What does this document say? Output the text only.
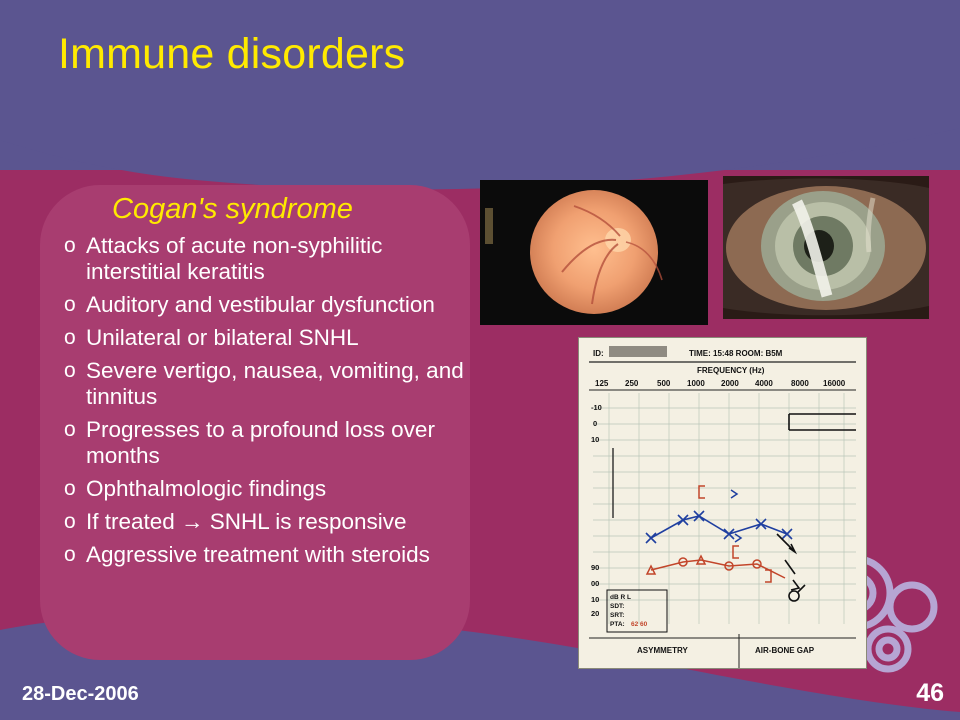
Immune disorders
Cogan's syndrome
o Attacks of acute non-syphilitic interstitial keratitis
o Auditory and vestibular dysfunction
o Unilateral or bilateral SNHL
o Severe vertigo, nausea, vomiting, and tinnitus
o Progresses to a profound loss over months
o Ophthalmologic findings
o If treated → SNHL is responsive
o Aggressive treatment with steroids
ID:	TIME: 15:48 ROOM: B5M
FREQUENCY (Hz)
125 250 500 1000 2000 4000 8000 16000
-10
0
10
90
00
10
20
dB R L
SDT:
SRT:
PTA: 62 60
ASYMMETRY	AIR-BONE GAP
28-Dec-2006	46
